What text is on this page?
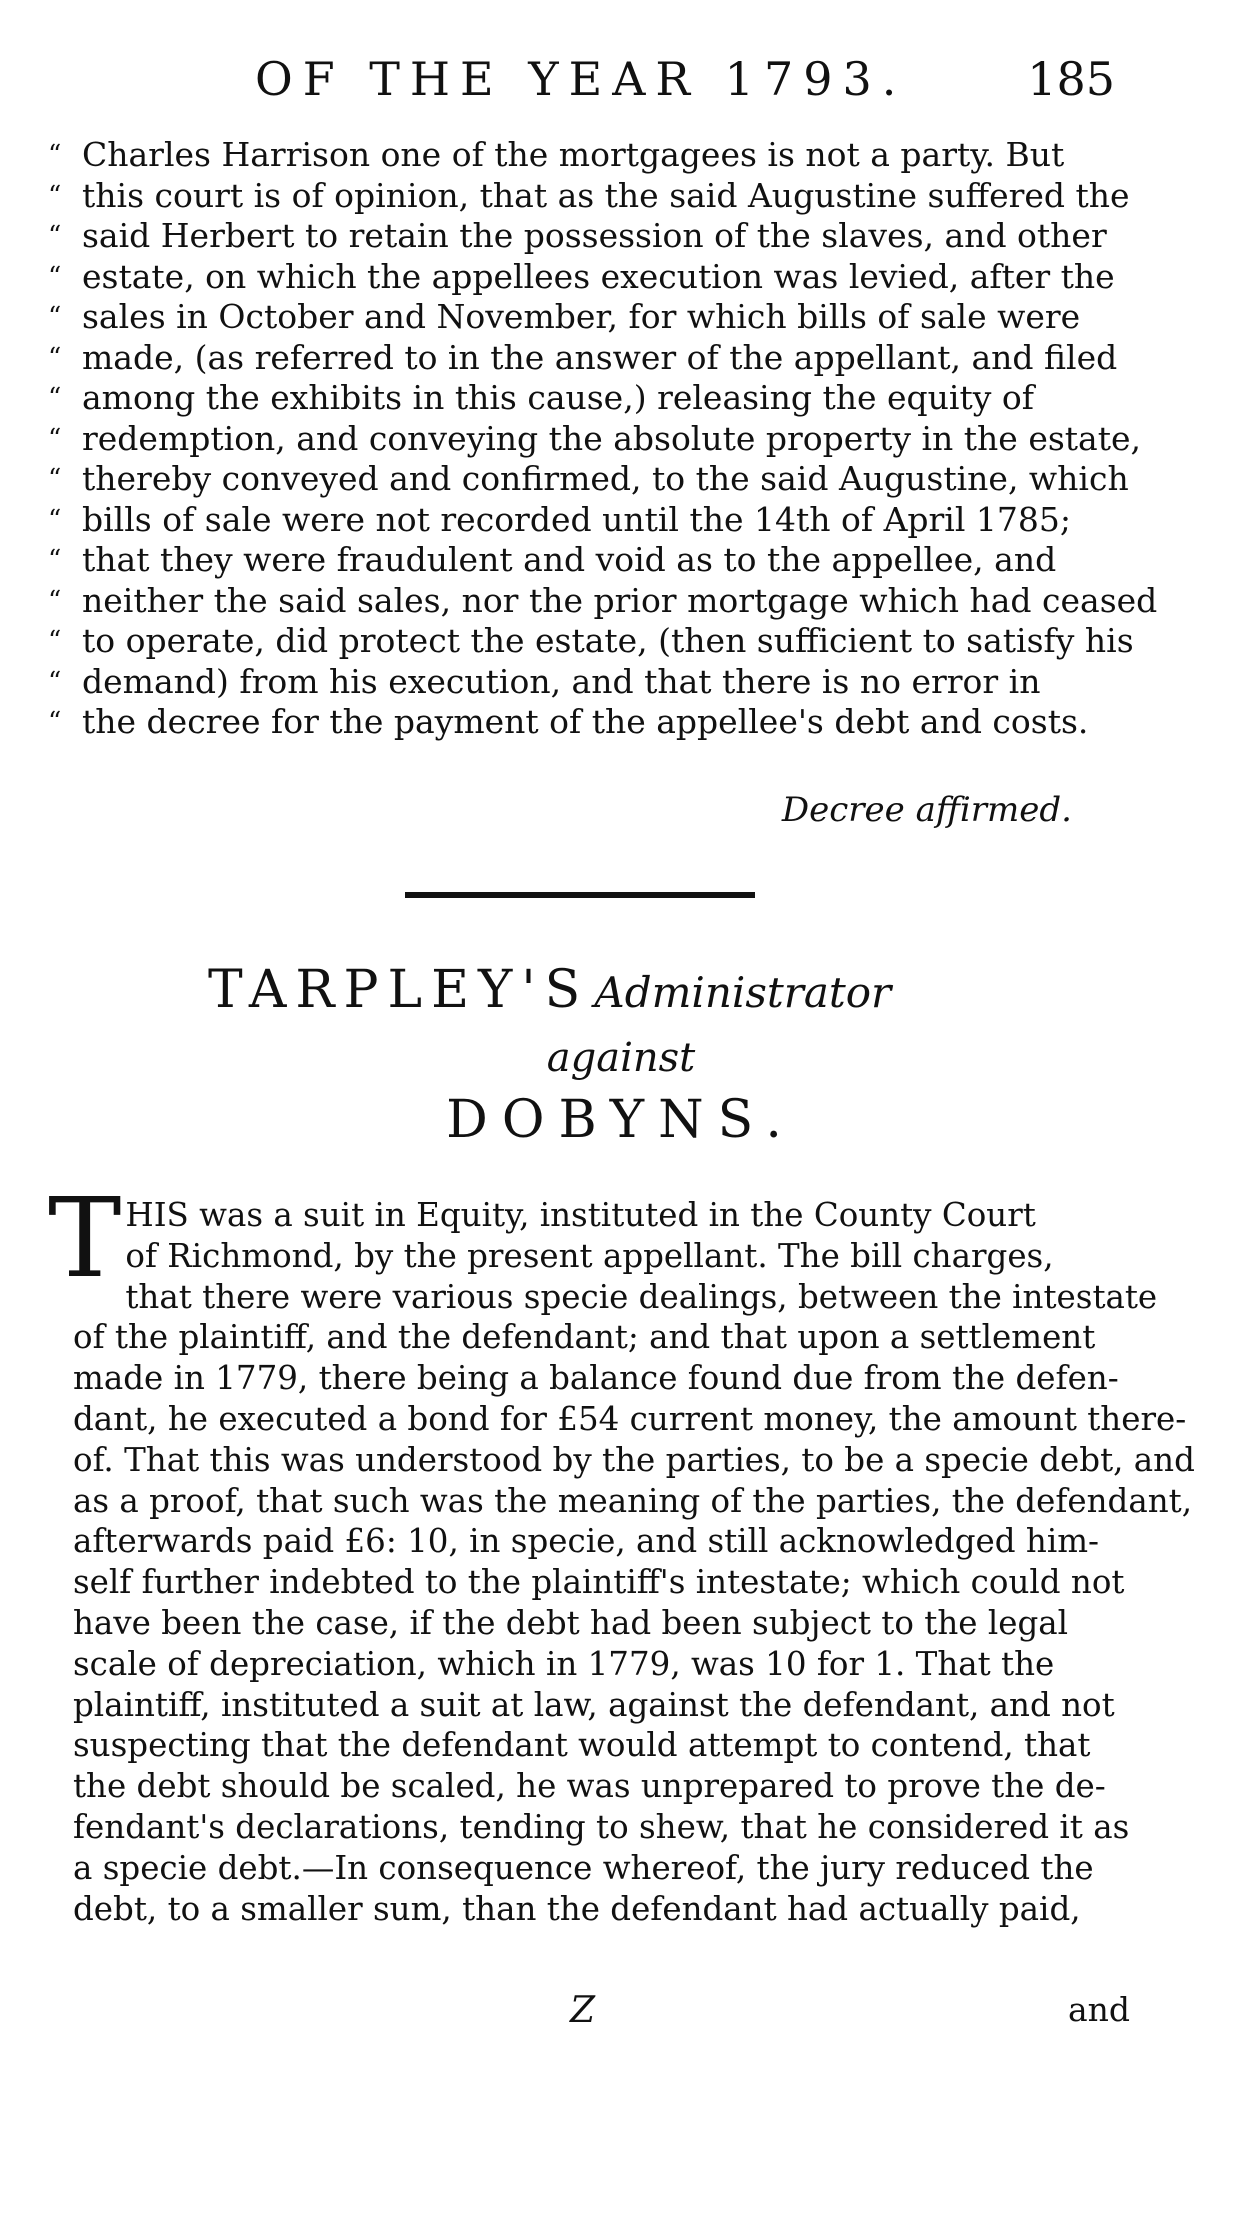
OF THE YEAR 1793.	185
“ Charles Harrison one of the mortgagees is not a party. But
“ this court is of opinion, that as the said Augustine suffered the
“ said Herbert to retain the possession of the slaves, and other
“ estate, on which the appellees execution was levied, after the
“ sales in October and November, for which bills of sale were
“ made, (as referred to in the answer of the appellant, and filed
“ among the exhibits in this cause,) releasing the equity of
“ redemption, and conveying the absolute property in the estate,
“ thereby conveyed and confirmed, to the said Augustine, which
“ bills of sale were not recorded until the 14th of April 1785;
“ that they were fraudulent and void as to the appellee, and
“ neither the said sales, nor the prior mortgage which had ceased
“ to operate, did protect the estate, (then sufficient to satisfy his
“ demand) from his execution, and that there is no error in
“ the decree for the payment of the appellee's debt and costs.
Decree affirmed.
TARPLEY'S Administrator
against
DOBYNS.
THIS was a suit in Equity, instituted in the County Court
of Richmond, by the present appellant. The bill charges,
that there were various specie dealings, between the intestate
of the plaintiff, and the defendant; and that upon a settlement
made in 1779, there being a balance found due from the defen-
dant, he executed a bond for £54 current money, the amount there-
of. That this was understood by the parties, to be a specie debt, and
as a proof, that such was the meaning of the parties, the defendant,
afterwards paid £6: 10, in specie, and still acknowledged him-
self further indebted to the plaintiff's intestate; which could not
have been the case, if the debt had been subject to the legal
scale of depreciation, which in 1779, was 10 for 1. That the
plaintiff, instituted a suit at law, against the defendant, and not
suspecting that the defendant would attempt to contend, that
the debt should be scaled, he was unprepared to prove the de-
fendant's declarations, tending to shew, that he considered it as
a specie debt.—In consequence whereof, the jury reduced the
debt, to a smaller sum, than the defendant had actually paid,
Z	and
